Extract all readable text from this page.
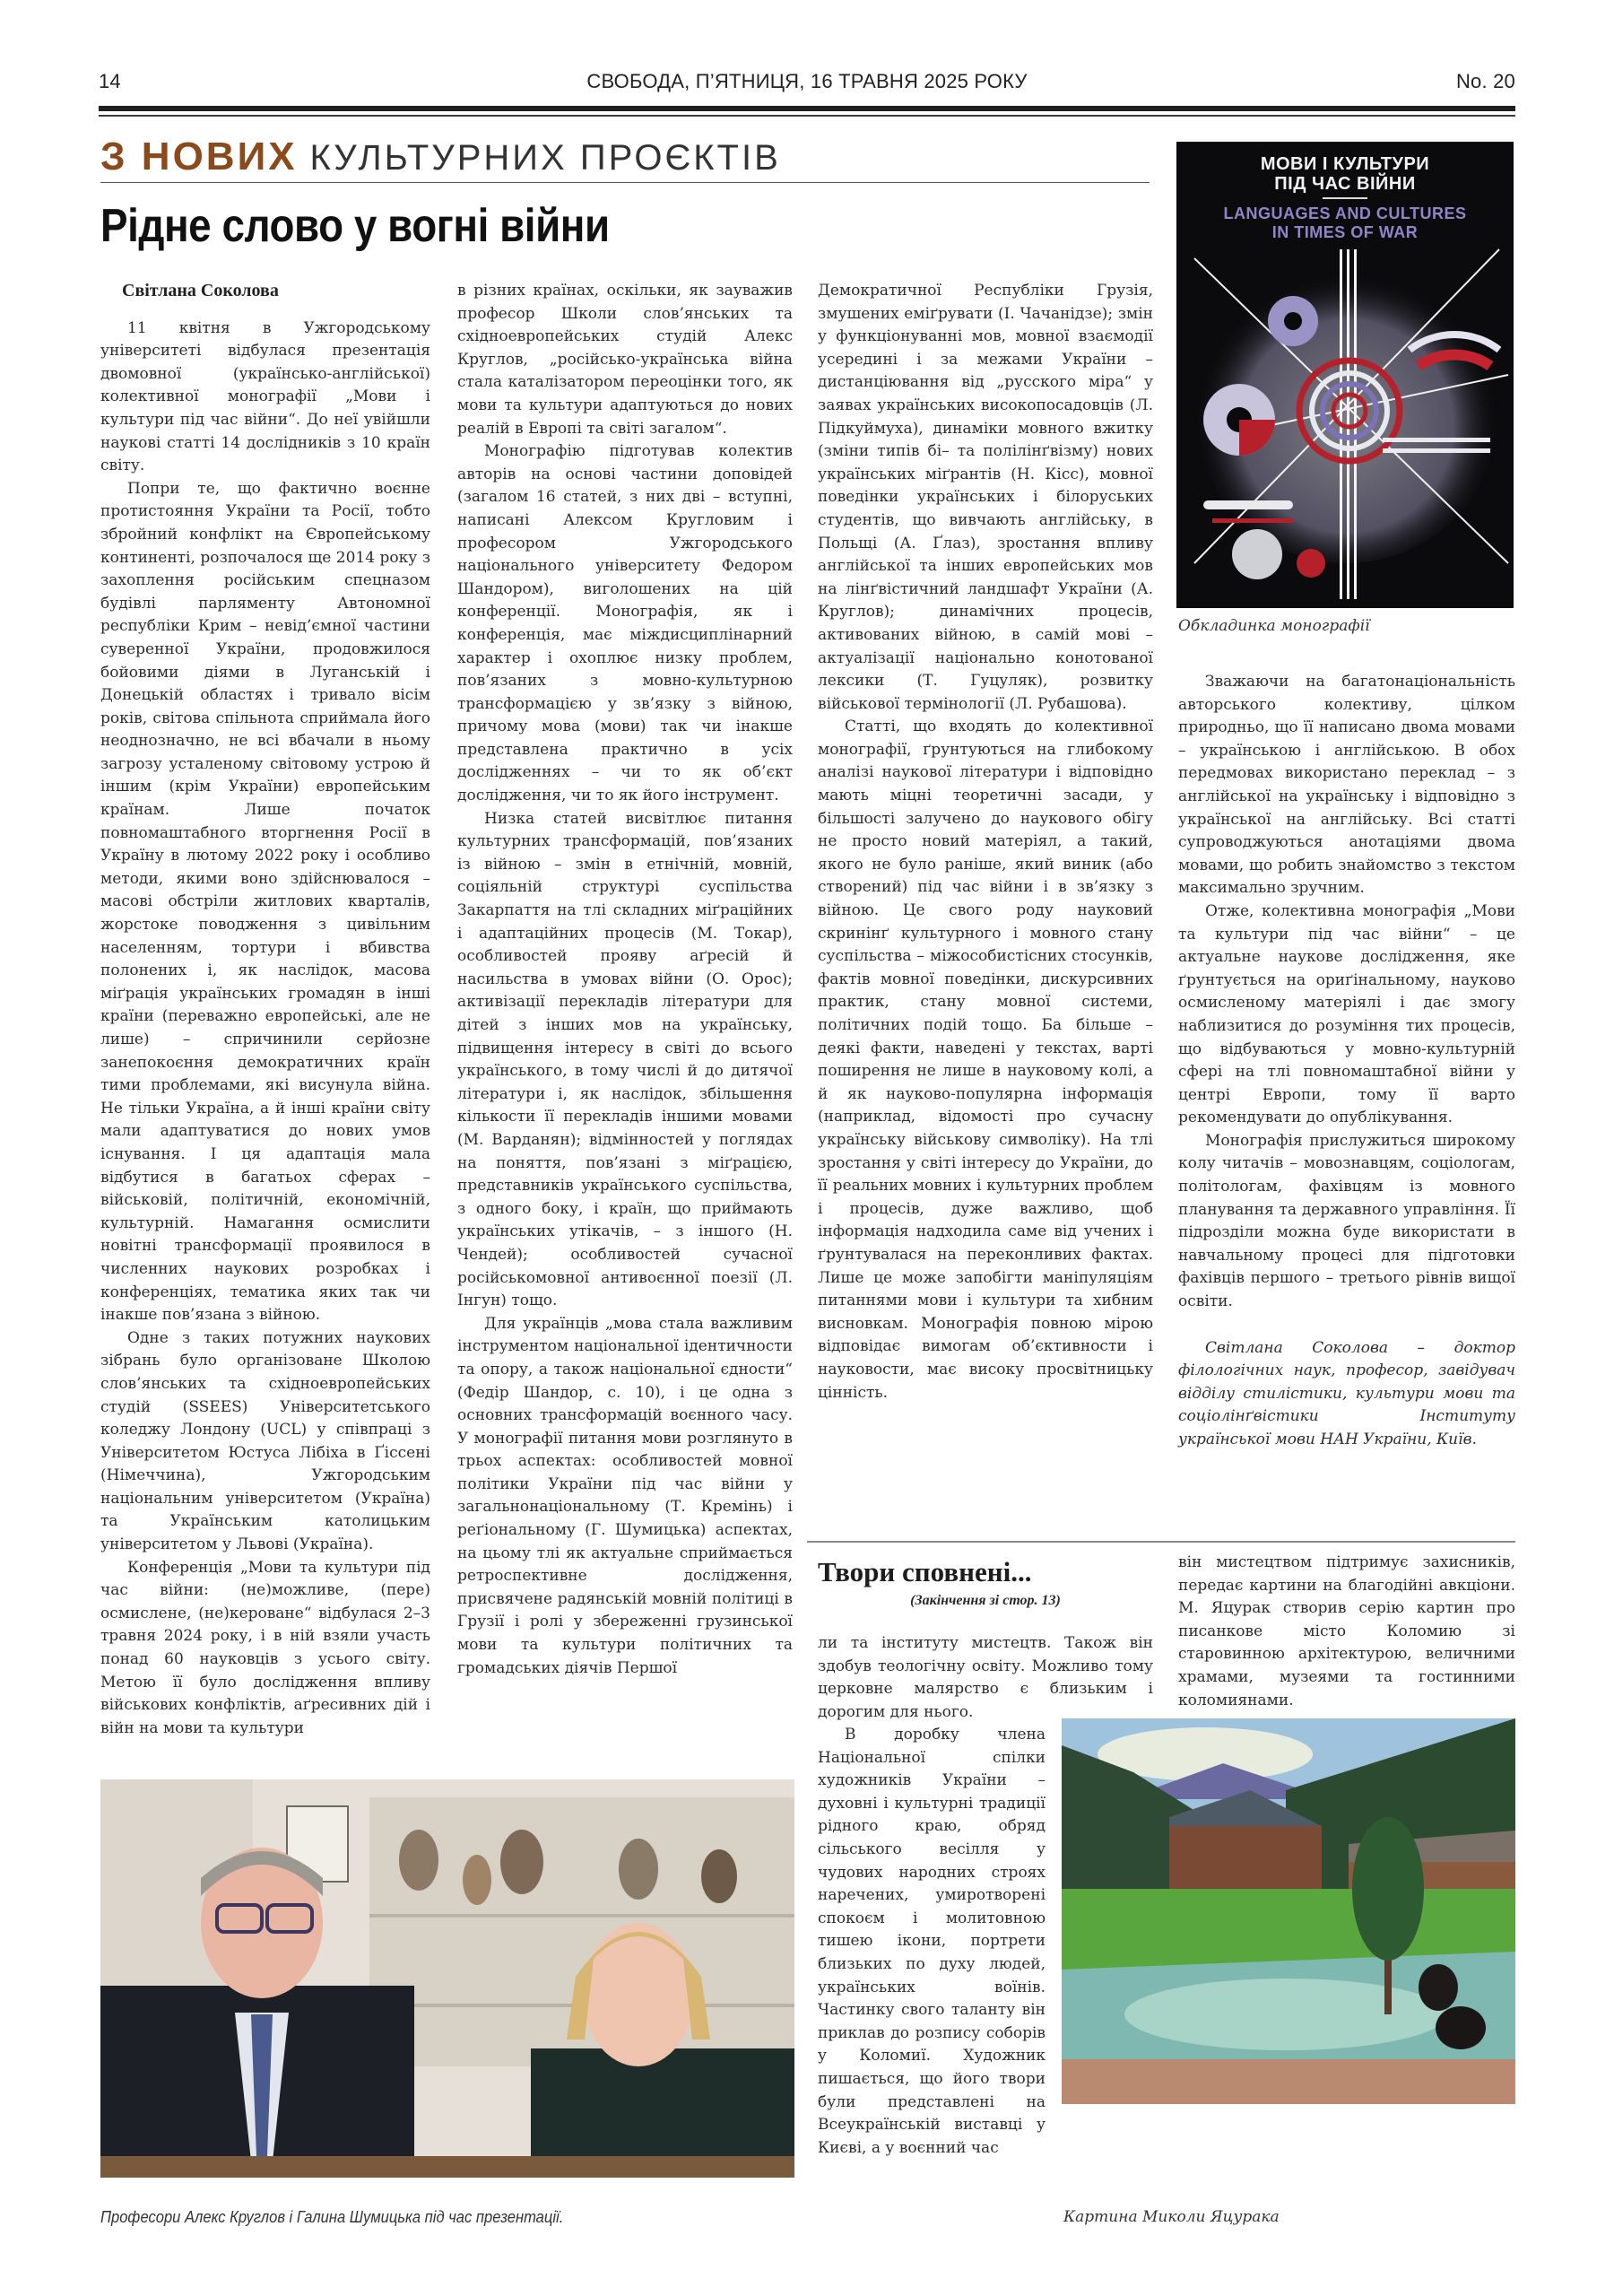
14	СВОБОДА, П’ЯТНИЦЯ, 16 ТРАВНЯ 2025 РОКУ	No. 20
З НОВИХ КУЛЬТУРНИХ ПРОЄКТІВ
Рідне слово у вогні війни
Світлана Соколова

11 квітня в Ужгородському університеті відбулася презентація двомовної (українсько-англійської) колективної монографії „Мови і культури під час війни“. До неї увійшли наукові статті 14 дослідників з 10 країн світу.

Попри те, що фактично воєнне протистояння України та Росії, тобто збройний конфлікт на Європейському континенті, розпочалося ще 2014 року з захоплення російським спецназом будівлі парляменту Автономної республіки Крим – невід’ємної частини суверенної України, продовжилося бойовими діями в Луганській і Донецькій областях і тривало вісім років, світова спільнота сприймала його неоднозначно, не всі вбачали в ньому загрозу усталеному світовому устрою й іншим (крім України) европейським країнам. Лише початок повномаштабного вторгнення Росії в Україну в лютому 2022 року і особливо методи, якими воно здійснювалося – масові обстріли житлових кварталів, жорстоке поводження з цивільним населенням, тортури і вбивства полонених і, як наслідок, масова міґрація українських громадян в інші країни (переважно европейські, але не лише) – спричинили серйозне занепокоєння демократичних країн тими проблемами, які висунула війна. Не тільки Україна, а й інші країни світу мали адаптуватися до нових умов існування. І ця адаптація мала відбутися в багатьох сферах – військовій, політичній, економічній, культурній. Намагання осмислити новітні трансформації проявилося в численних наукових розробках і конференціях, тематика яких так чи інакше пов’язана з війною.

Одне з таких потужних наукових зібрань було організоване Школою слов’янських та східноевропейських студій (SSEES) Університетського коледжу Лондону (UCL) у співпраці з Університетом Юстуса Лібіха в Ґіссені (Німеччина), Ужгородським національним університетом (Україна) та Українським католицьким університетом у Львові (Україна).

Конференція „Мови та культури під час війни: (не)можливе, (пере) осмислене, (не)кероване“ відбулася 2–3 травня 2024 року, і в ній взяли участь понад 60 науковців з усього світу. Метою її було дослідження впливу військових конфліктів, аґресивних дій і війн на мови та культури

в різних країнах, оскільки, як зауважив професор Школи слов’янських та східноевропейських студій Алекс Круглов, „російсько-українська війна стала каталізатором переоцінки того, як мови та культури адаптуються до нових реалій в Европі та світі загалом“.

Монографію підготував колектив авторів на основі частини доповідей (загалом 16 статей, з них дві – вступні, написані Алексом Кругловим і професором Ужгородського національного університету Федором Шандором), виголошених на цій конференції. Монографія, як і конференція, має міждисциплінарний характер і охоплює низку проблем, пов’язаних з мовно-культурною трансформацією у зв’язку з війною, причому мова (мови) так чи інакше представлена практично в усіх дослідженнях – чи то як об’єкт дослідження, чи то як його інструмент.

Низка статей висвітлює питання культурних трансформацій, пов’язаних із війною – змін в етнічній, мовній, соціяльній структурі суспільства Закарпаття на тлі складних міґраційних і адаптаційних процесів (М. Токар), особливостей прояву аґресій й насильства в умовах війни (О. Орос); активізації перекладів літератури для дітей з інших мов на українську, підвищення інтересу в світі до всього українського, в тому числі й до дитячої літератури і, як наслідок, збільшення кількости її перекладів іншими мовами (М. Варданян); відмінностей у поглядах на поняття, пов’язані з міґрацією, представників українського суспільства, з одного боку, і країн, що приймають українських утікачів, – з іншого (Н. Чендей); особливостей сучасної російськомовної антивоєнної поезії (Л. Інгун) тощо.

Для українців „мова стала важливим інструментом національної ідентичности та опору, а також національної єдности“ (Федір Шандор, с. 10), і це одна з основних трансформацій воєнного часу. У монографії питання мови розглянуто в трьох аспектах: особливостей мовної політики України під час війни у загальнонаціональному (Т. Кремінь) і реґіональному (Г. Шумицька) аспектах, на цьому тлі як актуальне сприймається ретроспективне дослідження, присвячене радянській мовній політиці в Грузії і ролі у збереженні грузинської мови та культури політичних та громадських діячів Першої

Демократичної Республіки Грузія, змушених еміґрувати (І. Чачанідзе); змін у функціонуванні мов, мовної взаємодії усередині і за межами України – дистанціювання від „русского міра“ у заявах українських високопосадовців (Л. Підкуймуха), динаміки мовного вжитку (зміни типів бі– та полілінґвізму) нових українських міґрантів (Н. Кісс), мовної поведінки українських і білоруських студентів, що вивчають англійську, в Польщі (А. Ґлаз), зростання впливу англійської та інших европейських мов на лінґвістичний ландшафт України (А. Круглов); динамічних процесів, активованих війною, в самій мові – актуалізації національно конотованої лексики (Т. Гуцуляк), розвитку військової термінології (Л. Рубашова).

Статті, що входять до колективної монографії, ґрунтуються на глибокому аналізі наукової літератури і відповідно мають міцні теоретичні засади, у більшості залучено до наукового обігу не просто новий матеріял, а такий, якого не було раніше, який виник (або створений) під час війни і в зв’язку з війною. Це свого роду науковий скринінґ культурного і мовного стану суспільства – міжособистісних стосунків, фактів мовної поведінки, дискурсивних практик, стану мовної системи, політичних подій тощо. Ба більше – деякі факти, наведені у текстах, варті поширення не лише в науковому колі, а й як науково-популярна інформація (наприклад, відомості про сучасну українську військову символіку). На тлі зростання у світі інтересу до України, до її реальних мовних і культурних проблем і процесів, дуже важливо, щоб інформація надходила саме від учених і ґрунтувалася на переконливих фактах. Лише це може запобігти маніпуляціям питаннями мови і культури та хибним висновкам. Монографія повною мірою відповідає вимогам об’єктивности і науковости, має високу просвітницьку цінність.

МОВИ І КУЛЬТУРИ
ПІД ЧАС ВІЙНИ
LANGUAGES AND CULTURES
IN TIMES OF WAR
Обкладинка монографії

Зважаючи на багатонаціональність авторського колективу, цілком природньо, що її написано двома мовами – українською і англійською. В обох передмовах використано переклад – з англійської на українську і відповідно з української на англійську. Всі статті супроводжуються анотаціями двома мовами, що робить знайомство з текстом максимально зручним.

Отже, колективна монографія „Мови та культури під час війни“ – це актуальне наукове дослідження, яке ґрунтується на ориґінальному, науково осмисленому матеріялі і дає змогу наблизитися до розуміння тих процесів, що відбуваються у мовно-культурній сфері на тлі повномаштабної війни у центрі Европи, тому її варто рекомендувати до опублікування.

Монографія прислужиться широкому колу читачів – мовознавцям, соціологам, політологам, фахівцям із мовного планування та державного управління. Її підрозділи можна буде використати в навчальному процесі для підготовки фахівців першого – третього рівнів вищої освіти.

Світлана Соколова – доктор філологічних наук, професор, завідувач відділу стилістики, культури мови та соціолінґвістики Інституту української мови НАН України, Київ.

Твори сповнені...
(Закінчення зі стор. 13)

ли та інституту мистецтв. Також він здобув теологічну освіту. Можливо тому церковне малярство є близьким і дорогим для нього.

В доробку члена Національної спілки художників України – духовні і культурні традиції рідного краю, обряд сільського весілля у чудових народних строях наречених, умиротворені спокоєм і молитовною тишею ікони, портрети близьких по духу людей, українських воїнів. Частинку свого таланту він приклав до розпису соборів у Коломиї. Художник пишається, що його твори були представлені на Всеукраїнській виставці у Києві, а у воєнний час

він мистецтвом підтримує захисників, передає картини на благодійні авкціони. М. Яцурак створив серію картин про писанкове місто Коломию зі старовинною архітектурою, величними храмами, музеями та гостинними коломиянами.

Професори Алекс Круглов і Галина Шумицька під час презентації.	Картина Миколи Яцурака
